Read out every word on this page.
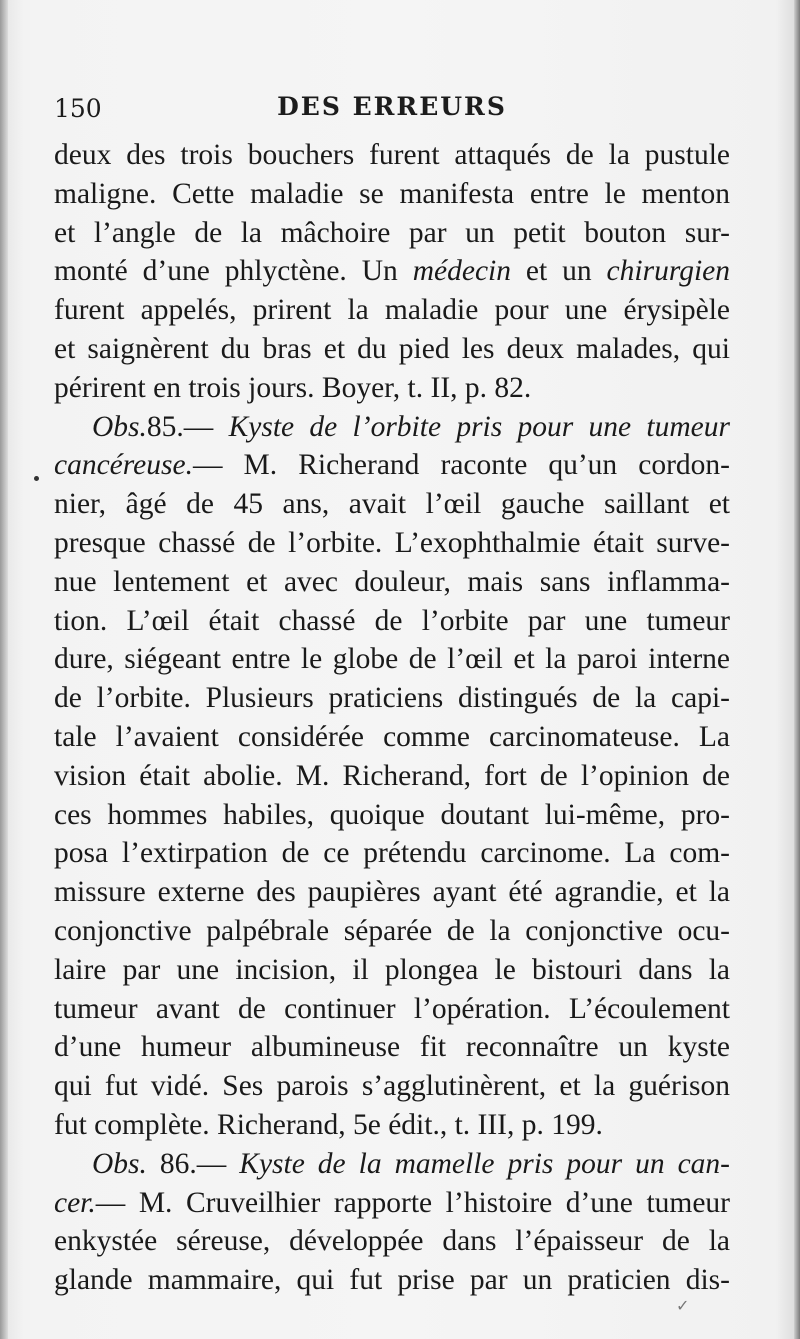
150	DES ERREURS
deux des trois bouchers furent attaqués de la pustule
maligne. Cette maladie se manifesta entre le menton
et l’angle de la mâchoire par un petit bouton sur-
monté d’une phlyctène. Un médecin et un chirurgien
furent appelés, prirent la maladie pour une érysipèle
et saignèrent du bras et du pied les deux malades, qui
périrent en trois jours. Boyer, t. II, p. 82.
Obs.85.— Kyste de l’orbite pris pour une tumeur
cancéreuse.— M. Richerand raconte qu’un cordon-
nier, âgé de 45 ans, avait l’œil gauche saillant et
presque chassé de l’orbite. L’exophthalmie était surve-
nue lentement et avec douleur, mais sans inflamma-
tion. L’œil était chassé de l’orbite par une tumeur
dure, siégeant entre le globe de l’œil et la paroi interne
de l’orbite. Plusieurs praticiens distingués de la capi-
tale l’avaient considérée comme carcinomateuse. La
vision était abolie. M. Richerand, fort de l’opinion de
ces hommes habiles, quoique doutant lui-même, pro-
posa l’extirpation de ce prétendu carcinome. La com-
missure externe des paupières ayant été agrandie, et la
conjonctive palpébrale séparée de la conjonctive ocu-
laire par une incision, il plongea le bistouri dans la
tumeur avant de continuer l’opération. L’écoulement
d’une humeur albumineuse fit reconnaître un kyste
qui fut vidé. Ses parois s’agglutinèrent, et la guérison
fut complète. Richerand, 5e édit., t. III, p. 199.
Obs. 86.— Kyste de la mamelle pris pour un can-
cer.— M. Cruveilhier rapporte l’histoire d’une tumeur
enkystée séreuse, développée dans l’épaisseur de la
glande mammaire, qui fut prise par un praticien dis-
✓
